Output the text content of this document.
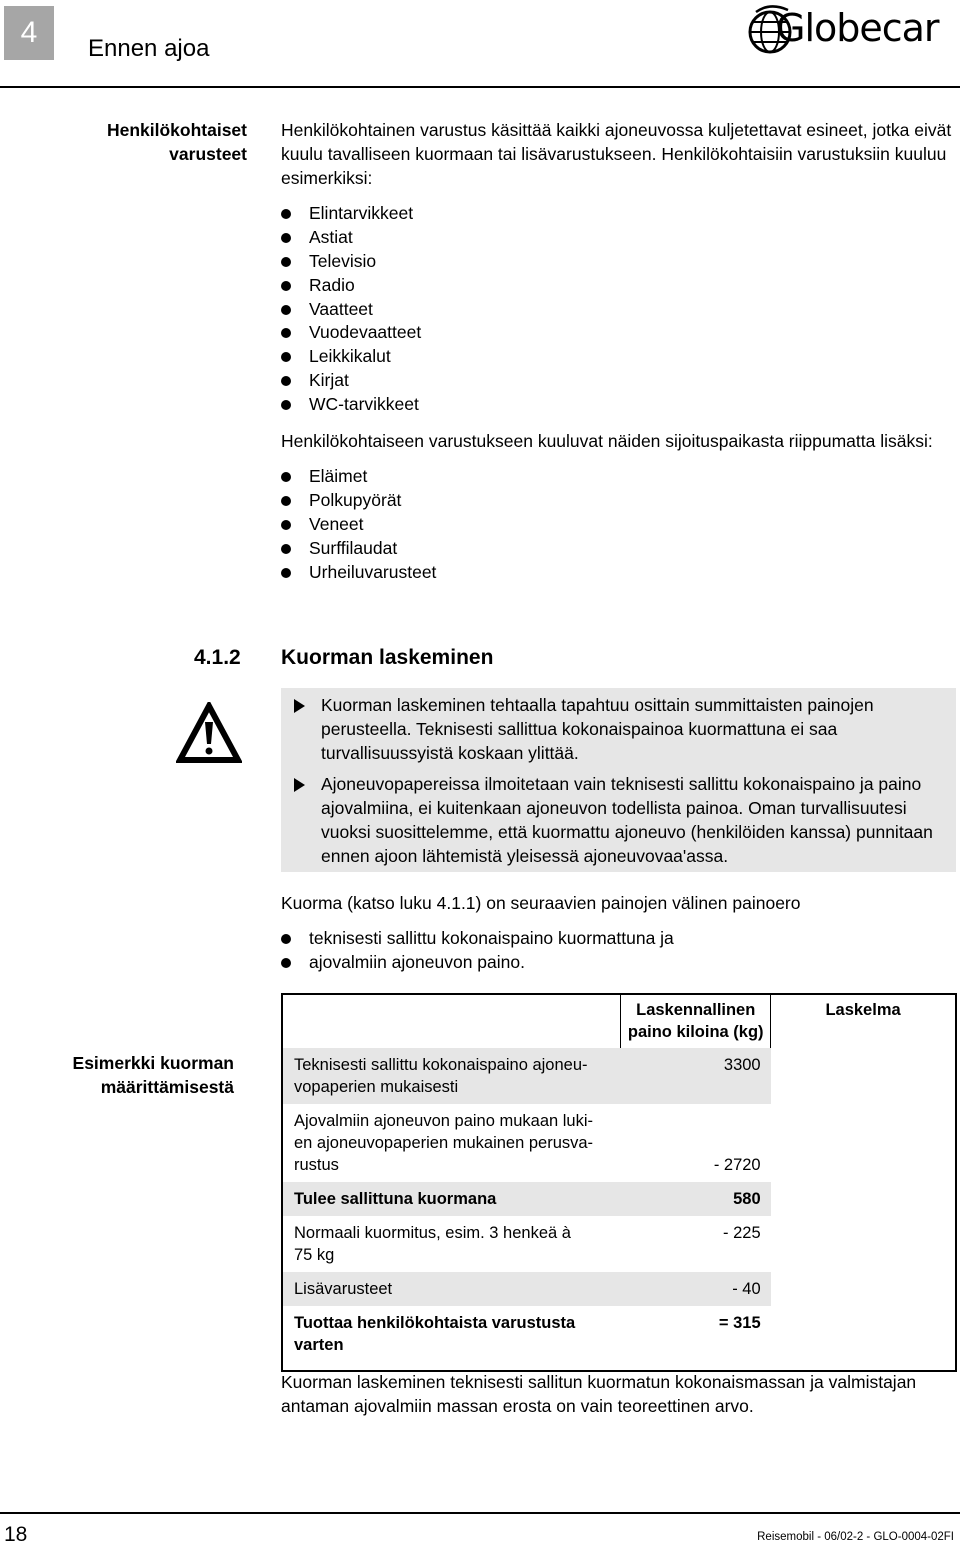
4	Ennen ajoa	Globecar
Henkilökohtaiset
varusteet

Henkilökohtainen varustus käsittää kaikki ajoneuvossa kuljetettavat esineet, jotka eivät kuulu tavalliseen kuormaan tai lisävarustukseen. Henkilökohtaisiin varustuksiin kuuluu esimerkiksi:

Elintarvikkeet
Astiat
Televisio
Radio
Vaatteet
Vuodevaatteet
Leikkikalut
Kirjat
WC-tarvikkeet

Henkilökohtaiseen varustukseen kuuluvat näiden sijoituspaikasta riippumatta lisäksi:

Eläimet
Polkupyörät
Veneet
Surffilaudat
Urheiluvarusteet
4.1.2 Kuorman laskeminen
Kuorman laskeminen tehtaalla tapahtuu osittain summittaisten painojen perusteella. Teknisesti sallittua kokonaispainoa kuormattuna ei saa turvallisuussyistä koskaan ylittää.
Ajoneuvopapereissa ilmoitetaan vain teknisesti sallittu kokonaispaino ja paino ajovalmiina, ei kuitenkaan ajoneuvon todellista painoa. Oman turvallisuutesi vuoksi suosittelemme, että kuormattu ajoneuvo (henkilöiden kanssa) punnitaan ennen ajoon lähtemistä yleisessä ajoneuvovaa'assa.

Kuorma (katso luku 4.1.1) on seuraavien painojen välinen painoero

teknisesti sallittu kokonaispaino kuormattuna ja
ajovalmiin ajoneuvon paino.
Esimerkki kuorman
määrittämisestä

	Laskennallinen
paino kiloina (kg)	Laskelma

Teknisesti sallittu kokonaispaino ajoneu-
vopaperien mukaisesti	3300	

Ajovalmiin ajoneuvon paino mukaan luki-
en ajoneuvopaperien mukainen perusva-
rustus	- 2720	

Tulee sallittuna kuormana	580	

Normaali kuormitus, esim. 3 henkeä à
75 kg	- 225	

Lisävarusteet	- 40	

Tuottaa henkilökohtaista varustusta
varten	= 315	

Kuorman laskeminen teknisesti sallitun kuormatun kokonaismassan ja valmistajan antaman ajovalmiin massan erosta on vain teoreettinen arvo.

18	Reisemobil - 06/02-2 - GLO-0004-02FI
